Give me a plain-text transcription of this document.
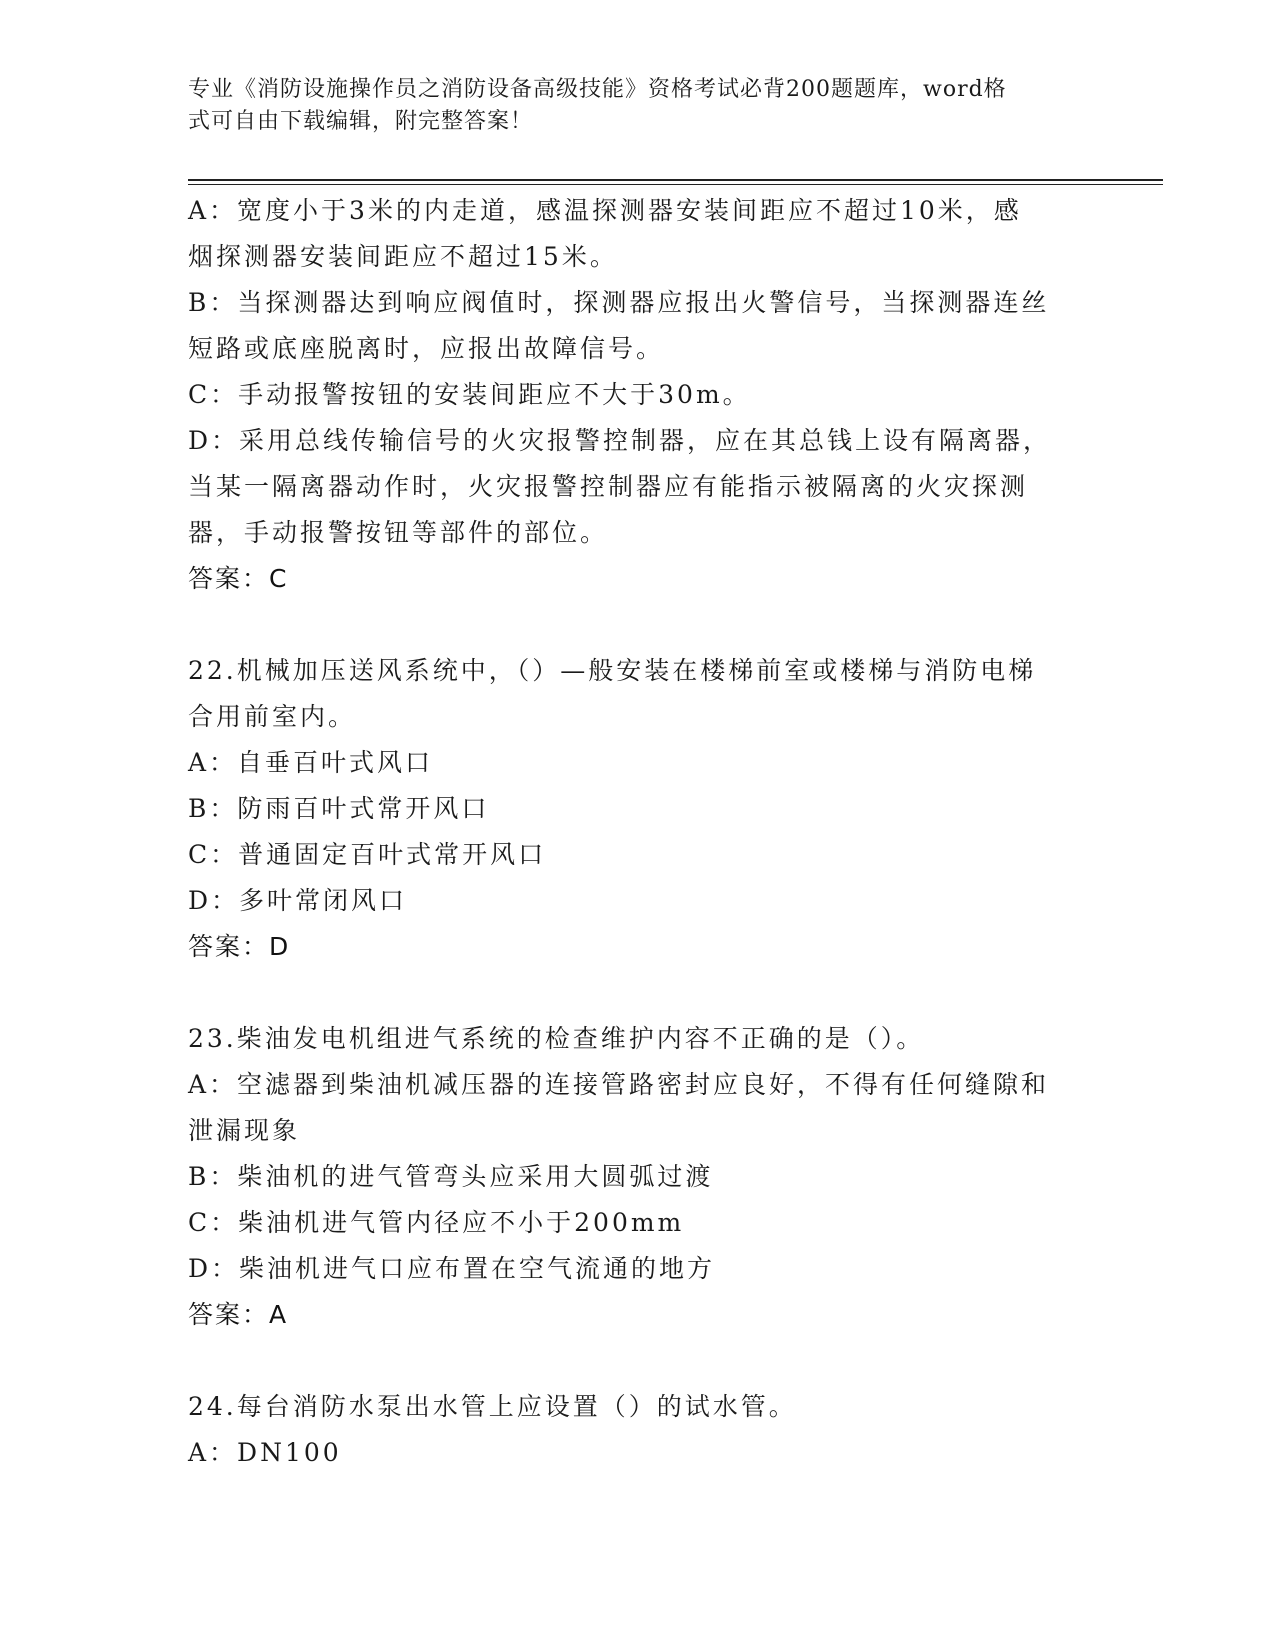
专业《消防设施操作员之消防设备高级技能》资格考试必背200题题库，word格
式可自由下载编辑，附完整答案！
A：宽度小于3米的内走道，感温探测器安装间距应不超过10米，感
烟探测器安装间距应不超过15米。
B：当探测器达到响应阀值时，探测器应报出火警信号，当探测器连丝
短路或底座脱离时，应报出故障信号。
C：手动报警按钮的安装间距应不大于30m。
D：采用总线传输信号的火灾报警控制器，应在其总钱上设有隔离器，
当某一隔离器动作时，火灾报警控制器应有能指示被隔离的火灾探测
器，手动报警按钮等部件的部位。
答案：C
22.机械加压送风系统中，（）—般安装在楼梯前室或楼梯与消防电梯
合用前室内。
A：自垂百叶式风口
B：防雨百叶式常开风口
C：普通固定百叶式常开风口
D：多叶常闭风口
答案：D
23.柴油发电机组进气系统的检查维护内容不正确的是（）。
A：空滤器到柴油机减压器的连接管路密封应良好，不得有任何缝隙和
泄漏现象
B：柴油机的进气管弯头应采用大圆弧过渡
C：柴油机进气管内径应不小于200mm
D：柴油机进气口应布置在空气流通的地方
答案：A
24.每台消防水泵出水管上应设置（）的试水管。
A：DN100
